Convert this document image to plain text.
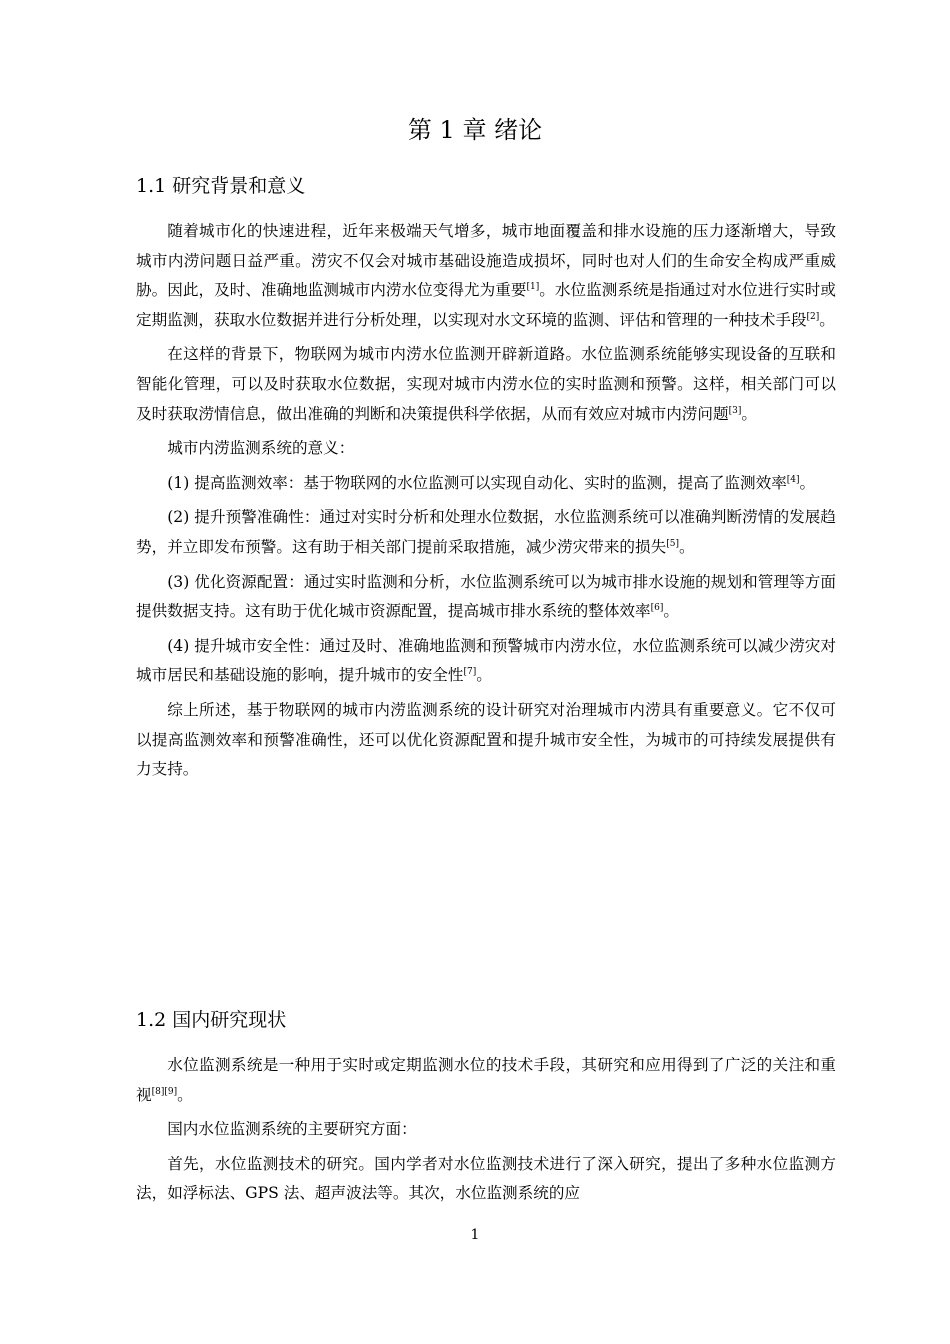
第 1 章 绪论
1.1 研究背景和意义

随着城市化的快速进程，近年来极端天气增多，城市地面覆盖和排水设施的压力逐渐增大，导致城市内涝问题日益严重。涝灾不仅会对城市基础设施造成损坏，同时也对人们的生命安全构成严重威胁。因此，及时、准确地监测城市内涝水位变得尤为重要[1]。水位监测系统是指通过对水位进行实时或定期监测，获取水位数据并进行分析处理，以实现对水文环境的监测、评估和管理的一种技术手段[2]。

在这样的背景下，物联网为城市内涝水位监测开辟新道路。水位监测系统能够实现设备的互联和智能化管理，可以及时获取水位数据，实现对城市内涝水位的实时监测和预警。这样，相关部门可以及时获取涝情信息，做出准确的判断和决策提供科学依据，从而有效应对城市内涝问题[3]。

城市内涝监测系统的意义：

(1) 提高监测效率：基于物联网的水位监测可以实现自动化、实时的监测，提高了监测效率[4]。

(2) 提升预警准确性：通过对实时分析和处理水位数据，水位监测系统可以准确判断涝情的发展趋势，并立即发布预警。这有助于相关部门提前采取措施，减少涝灾带来的损失[5]。

(3) 优化资源配置：通过实时监测和分析，水位监测系统可以为城市排水设施的规划和管理等方面提供数据支持。这有助于优化城市资源配置，提高城市排水系统的整体效率[6]。

(4) 提升城市安全性：通过及时、准确地监测和预警城市内涝水位，水位监测系统可以减少涝灾对城市居民和基础设施的影响，提升城市的安全性[7]。

综上所述，基于物联网的城市内涝监测系统的设计研究对治理城市内涝具有重要意义。它不仅可以提高监测效率和预警准确性，还可以优化资源配置和提升城市安全性，为城市的可持续发展提供有力支持。

1.2 国内研究现状

水位监测系统是一种用于实时或定期监测水位的技术手段，其研究和应用得到了广泛的关注和重视[8][9]。

国内水位监测系统的主要研究方面：

首先，水位监测技术的研究。国内学者对水位监测技术进行了深入研究，提出了多种水位监测方法，如浮标法、GPS 法、超声波法等。其次，水位监测系统的应

1
